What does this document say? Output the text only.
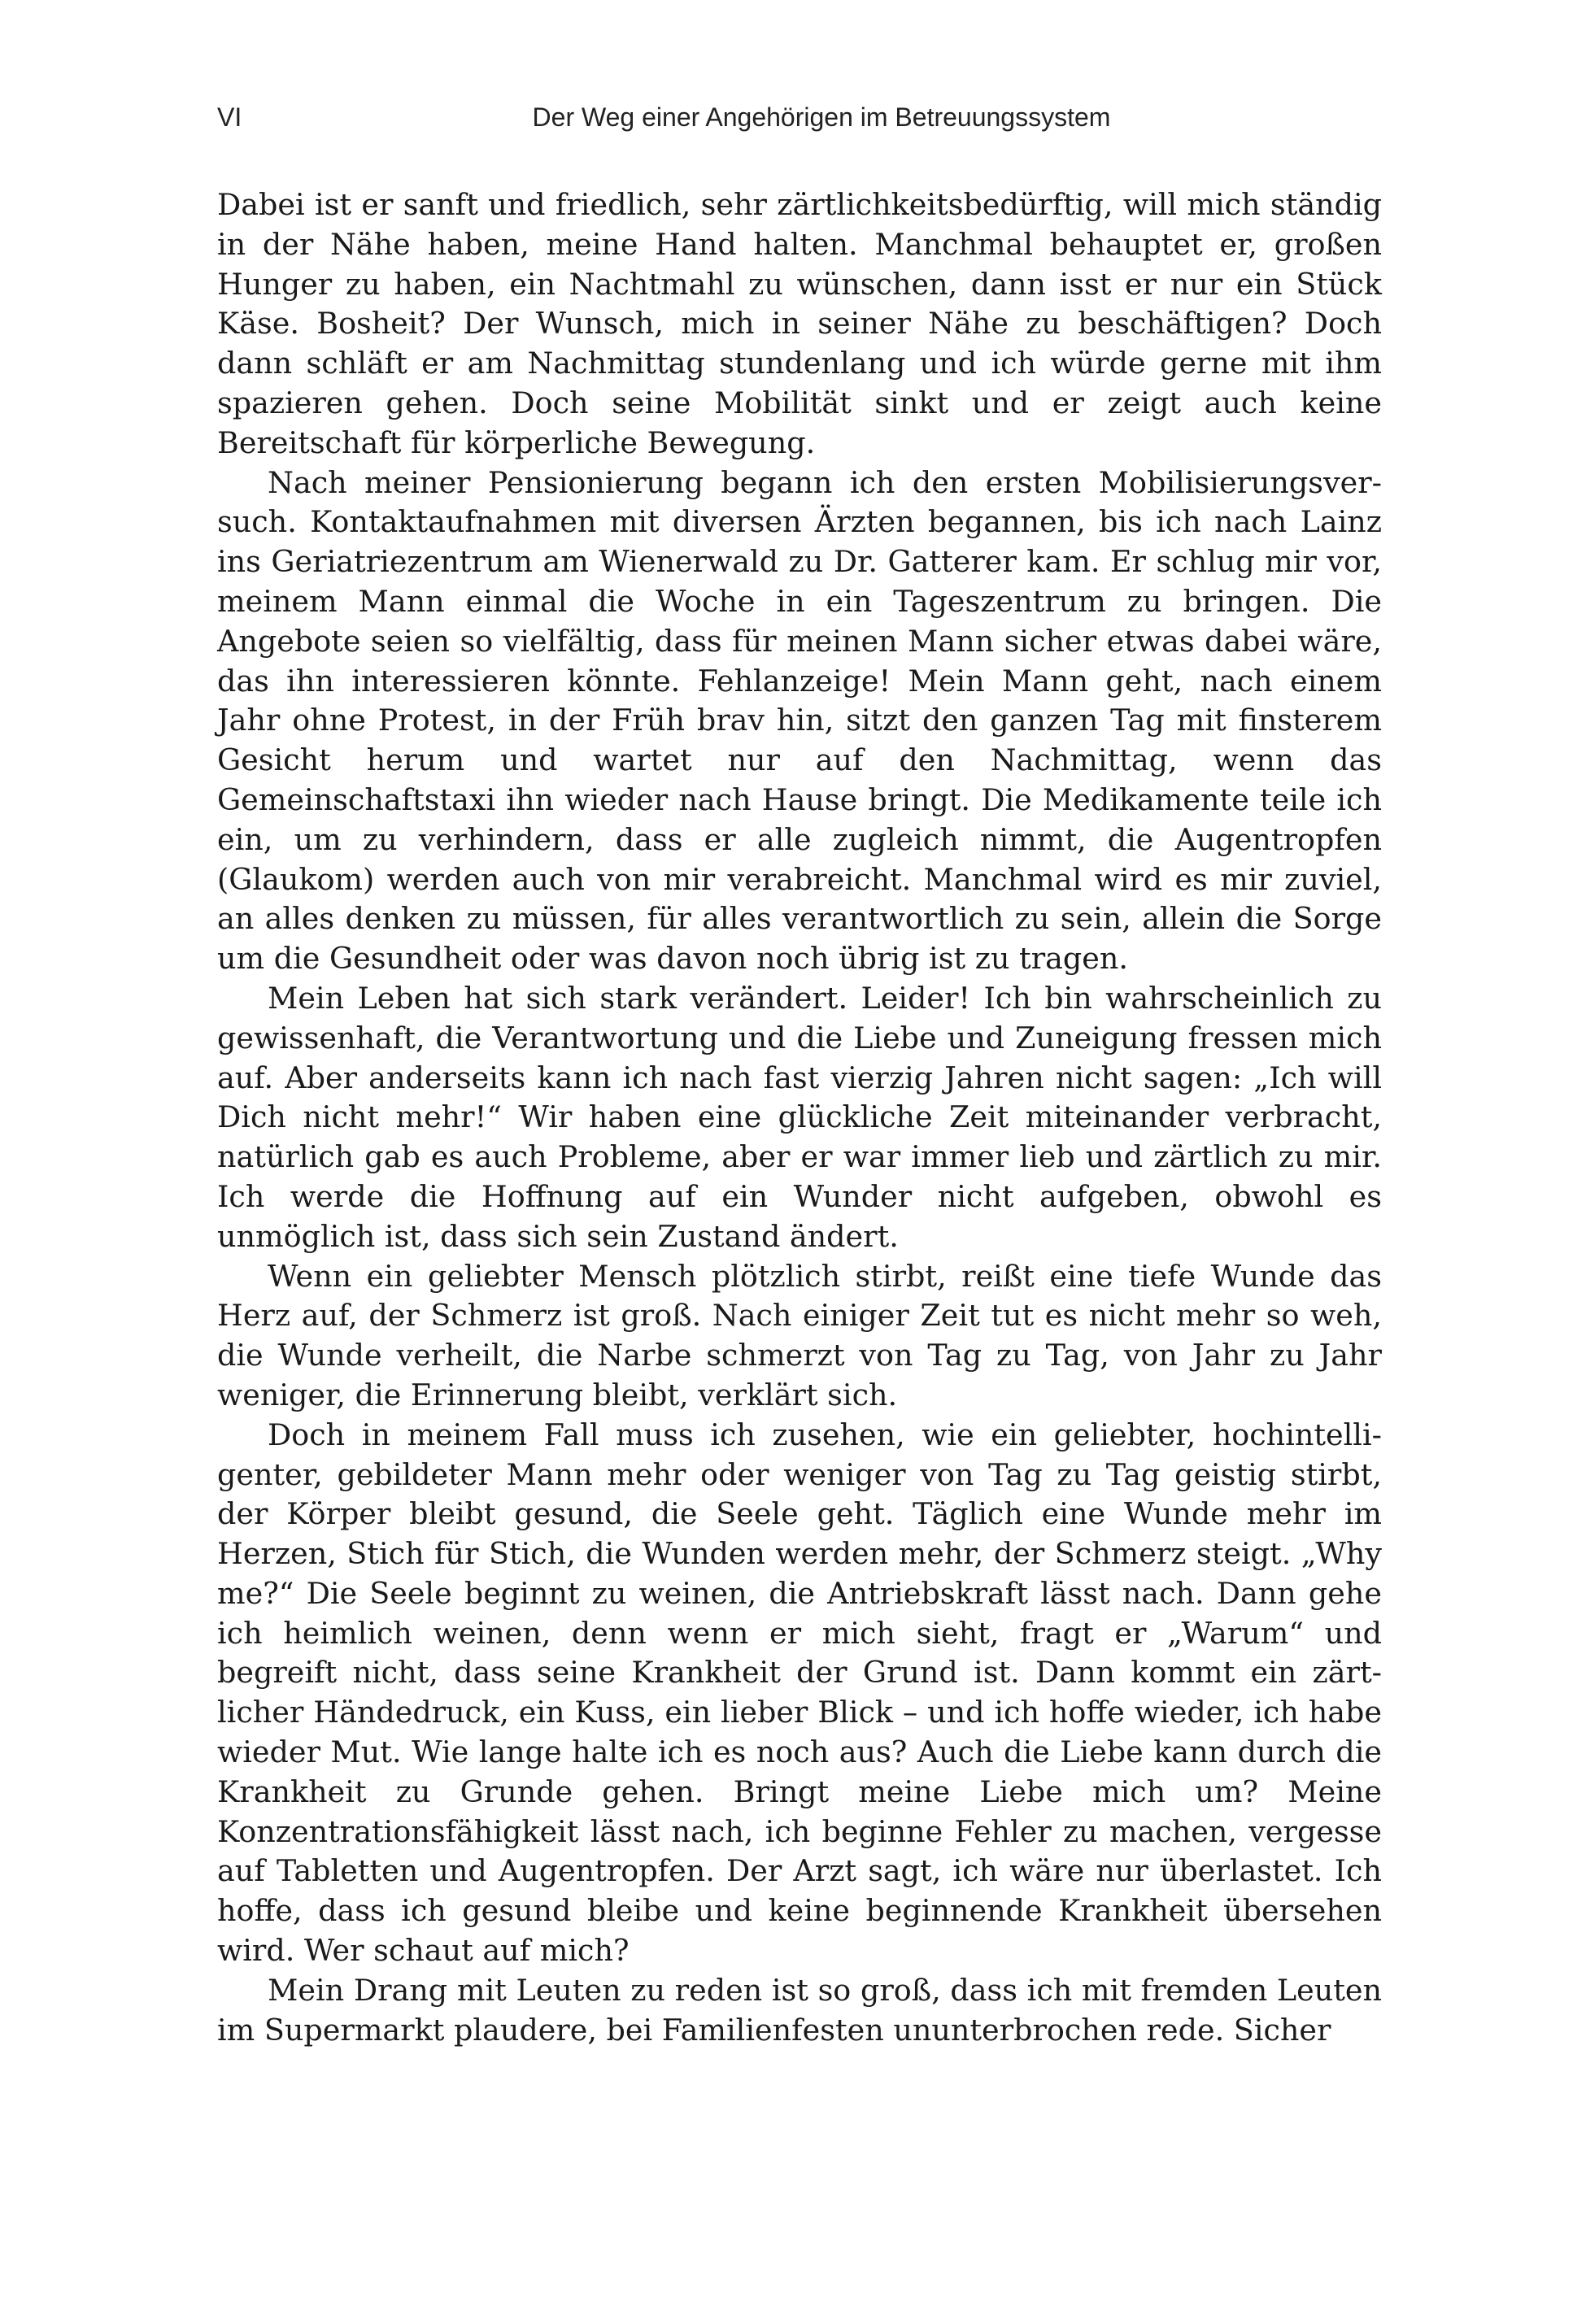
VI	Der Weg einer Angehörigen im Betreuungssystem

Dabei ist er sanft und friedlich, sehr zärtlichkeitsbedürftig, will mich ständig in der Nähe haben, meine Hand halten. Manchmal behauptet er, großen Hunger zu haben, ein Nachtmahl zu wünschen, dann isst er nur ein Stück Käse. Bosheit? Der Wunsch, mich in seiner Nähe zu beschäftigen? Doch dann schläft er am Nachmittag stundenlang und ich würde gerne mit ihm spazieren gehen. Doch seine Mobilität sinkt und er zeigt auch keine Bereitschaft für körperliche Bewegung.

Nach meiner Pensionierung begann ich den ersten Mobilisierungsversuch. Kontaktaufnahmen mit diversen Ärzten begannen, bis ich nach Lainz ins Geriatriezentrum am Wienerwald zu Dr. Gatterer kam. Er schlug mir vor, meinem Mann einmal die Woche in ein Tageszentrum zu bringen. Die Angebote seien so vielfältig, dass für meinen Mann sicher etwas dabei wäre, das ihn interessieren könnte. Fehlanzeige! Mein Mann geht, nach einem Jahr ohne Protest, in der Früh brav hin, sitzt den ganzen Tag mit finsterem Gesicht herum und wartet nur auf den Nachmittag, wenn das Gemeinschaftstaxi ihn wieder nach Hause bringt. Die Medikamente teile ich ein, um zu verhindern, dass er alle zugleich nimmt, die Augentropfen (Glaukom) werden auch von mir verabreicht. Manchmal wird es mir zuviel, an alles denken zu müssen, für alles verantwortlich zu sein, allein die Sorge um die Gesundheit oder was davon noch übrig ist zu tragen.

Mein Leben hat sich stark verändert. Leider! Ich bin wahrscheinlich zu gewissenhaft, die Verantwortung und die Liebe und Zuneigung fressen mich auf. Aber anderseits kann ich nach fast vierzig Jahren nicht sagen: „Ich will Dich nicht mehr!“ Wir haben eine glückliche Zeit miteinander verbracht, natürlich gab es auch Probleme, aber er war immer lieb und zärtlich zu mir. Ich werde die Hoffnung auf ein Wunder nicht aufgeben, obwohl es unmöglich ist, dass sich sein Zustand ändert.

Wenn ein geliebter Mensch plötzlich stirbt, reißt eine tiefe Wunde das Herz auf, der Schmerz ist groß. Nach einiger Zeit tut es nicht mehr so weh, die Wunde verheilt, die Narbe schmerzt von Tag zu Tag, von Jahr zu Jahr weniger, die Erinnerung bleibt, verklärt sich.

Doch in meinem Fall muss ich zusehen, wie ein geliebter, hochintelligenter, gebildeter Mann mehr oder weniger von Tag zu Tag geistig stirbt, der Körper bleibt gesund, die Seele geht. Täglich eine Wunde mehr im Herzen, Stich für Stich, die Wunden werden mehr, der Schmerz steigt. „Why me?“ Die Seele beginnt zu weinen, die Antriebskraft lässt nach. Dann gehe ich heimlich weinen, denn wenn er mich sieht, fragt er „Warum“ und begreift nicht, dass seine Krankheit der Grund ist. Dann kommt ein zärtlicher Händedruck, ein Kuss, ein lieber Blick – und ich hoffe wieder, ich habe wieder Mut. Wie lange halte ich es noch aus? Auch die Liebe kann durch die Krankheit zu Grunde gehen. Bringt meine Liebe mich um? Meine Konzentrationsfähigkeit lässt nach, ich beginne Fehler zu machen, vergesse auf Tabletten und Augentropfen. Der Arzt sagt, ich wäre nur überlastet. Ich hoffe, dass ich gesund bleibe und keine beginnende Krankheit übersehen wird. Wer schaut auf mich?

Mein Drang mit Leuten zu reden ist so groß, dass ich mit fremden Leuten im Supermarkt plaudere, bei Familienfesten ununterbrochen rede. Sicher
